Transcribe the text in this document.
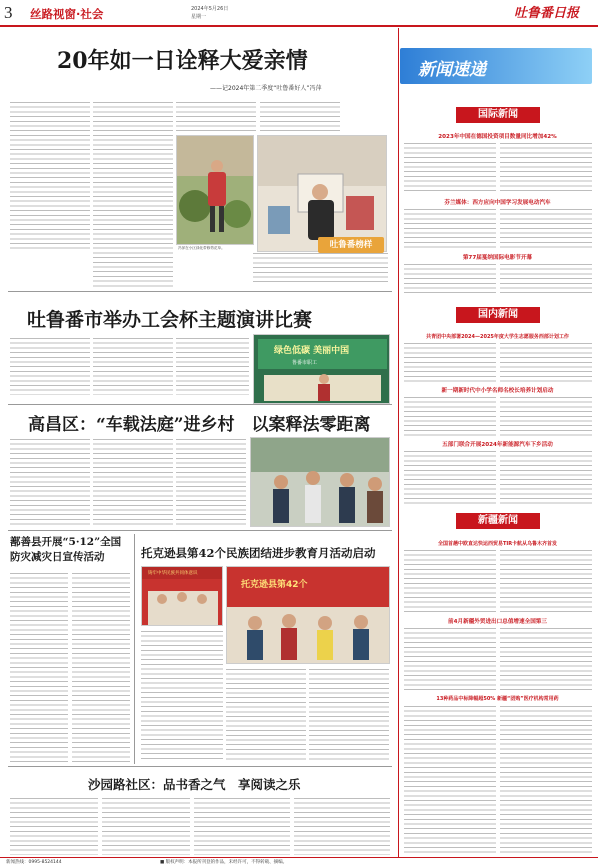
3 丝路视窗·社会	2024年5月26日
星期一	吐鲁番日报
20年如一日诠释大爱亲情
——记2024年第二季度“吐鲁番好人”冯萍
冯萍在小区绿化带修剪花草。	吐鲁番榜样
吐鲁番市举办工会杯主题演讲比赛
绿色低碳 美丽中国
鲁番市职工
高昌区：“车载法庭”进乡村　以案释法零距离
鄯善县开展“5·12”全国防灾减灾日宣传活动	托克逊县第42个民族团结进步教育月活动启动
铸牢中华民族共同体意识
托克逊县第42个
沙园路社区：品书香之气　享阅读之乐
新闻速递
国际新闻
2023年中国在德国投资项目数量同比增加42%
芬兰媒体：西方应向中国学习发展电动汽车
第77届戛纳国际电影节开幕
国内新闻
共青团中央部署2024—2025年度大学生志愿服务西部计划工作
新一期新时代中小学名师名校长培养计划启动
五部门联合开展2024年新能源汽车下乡活动
新疆新闻
全国首趟中欧直达快运西贸易TIR卡航从乌鲁木齐首发
前4月新疆外贸进出口总值增速全国第三
13种药品中标降幅超50% 新疆“团购”医疗机构常用药
新闻热线：0995-8524144	■ 版权声明：本报所刊登的作品，未经许可，不得转载、摘编。
